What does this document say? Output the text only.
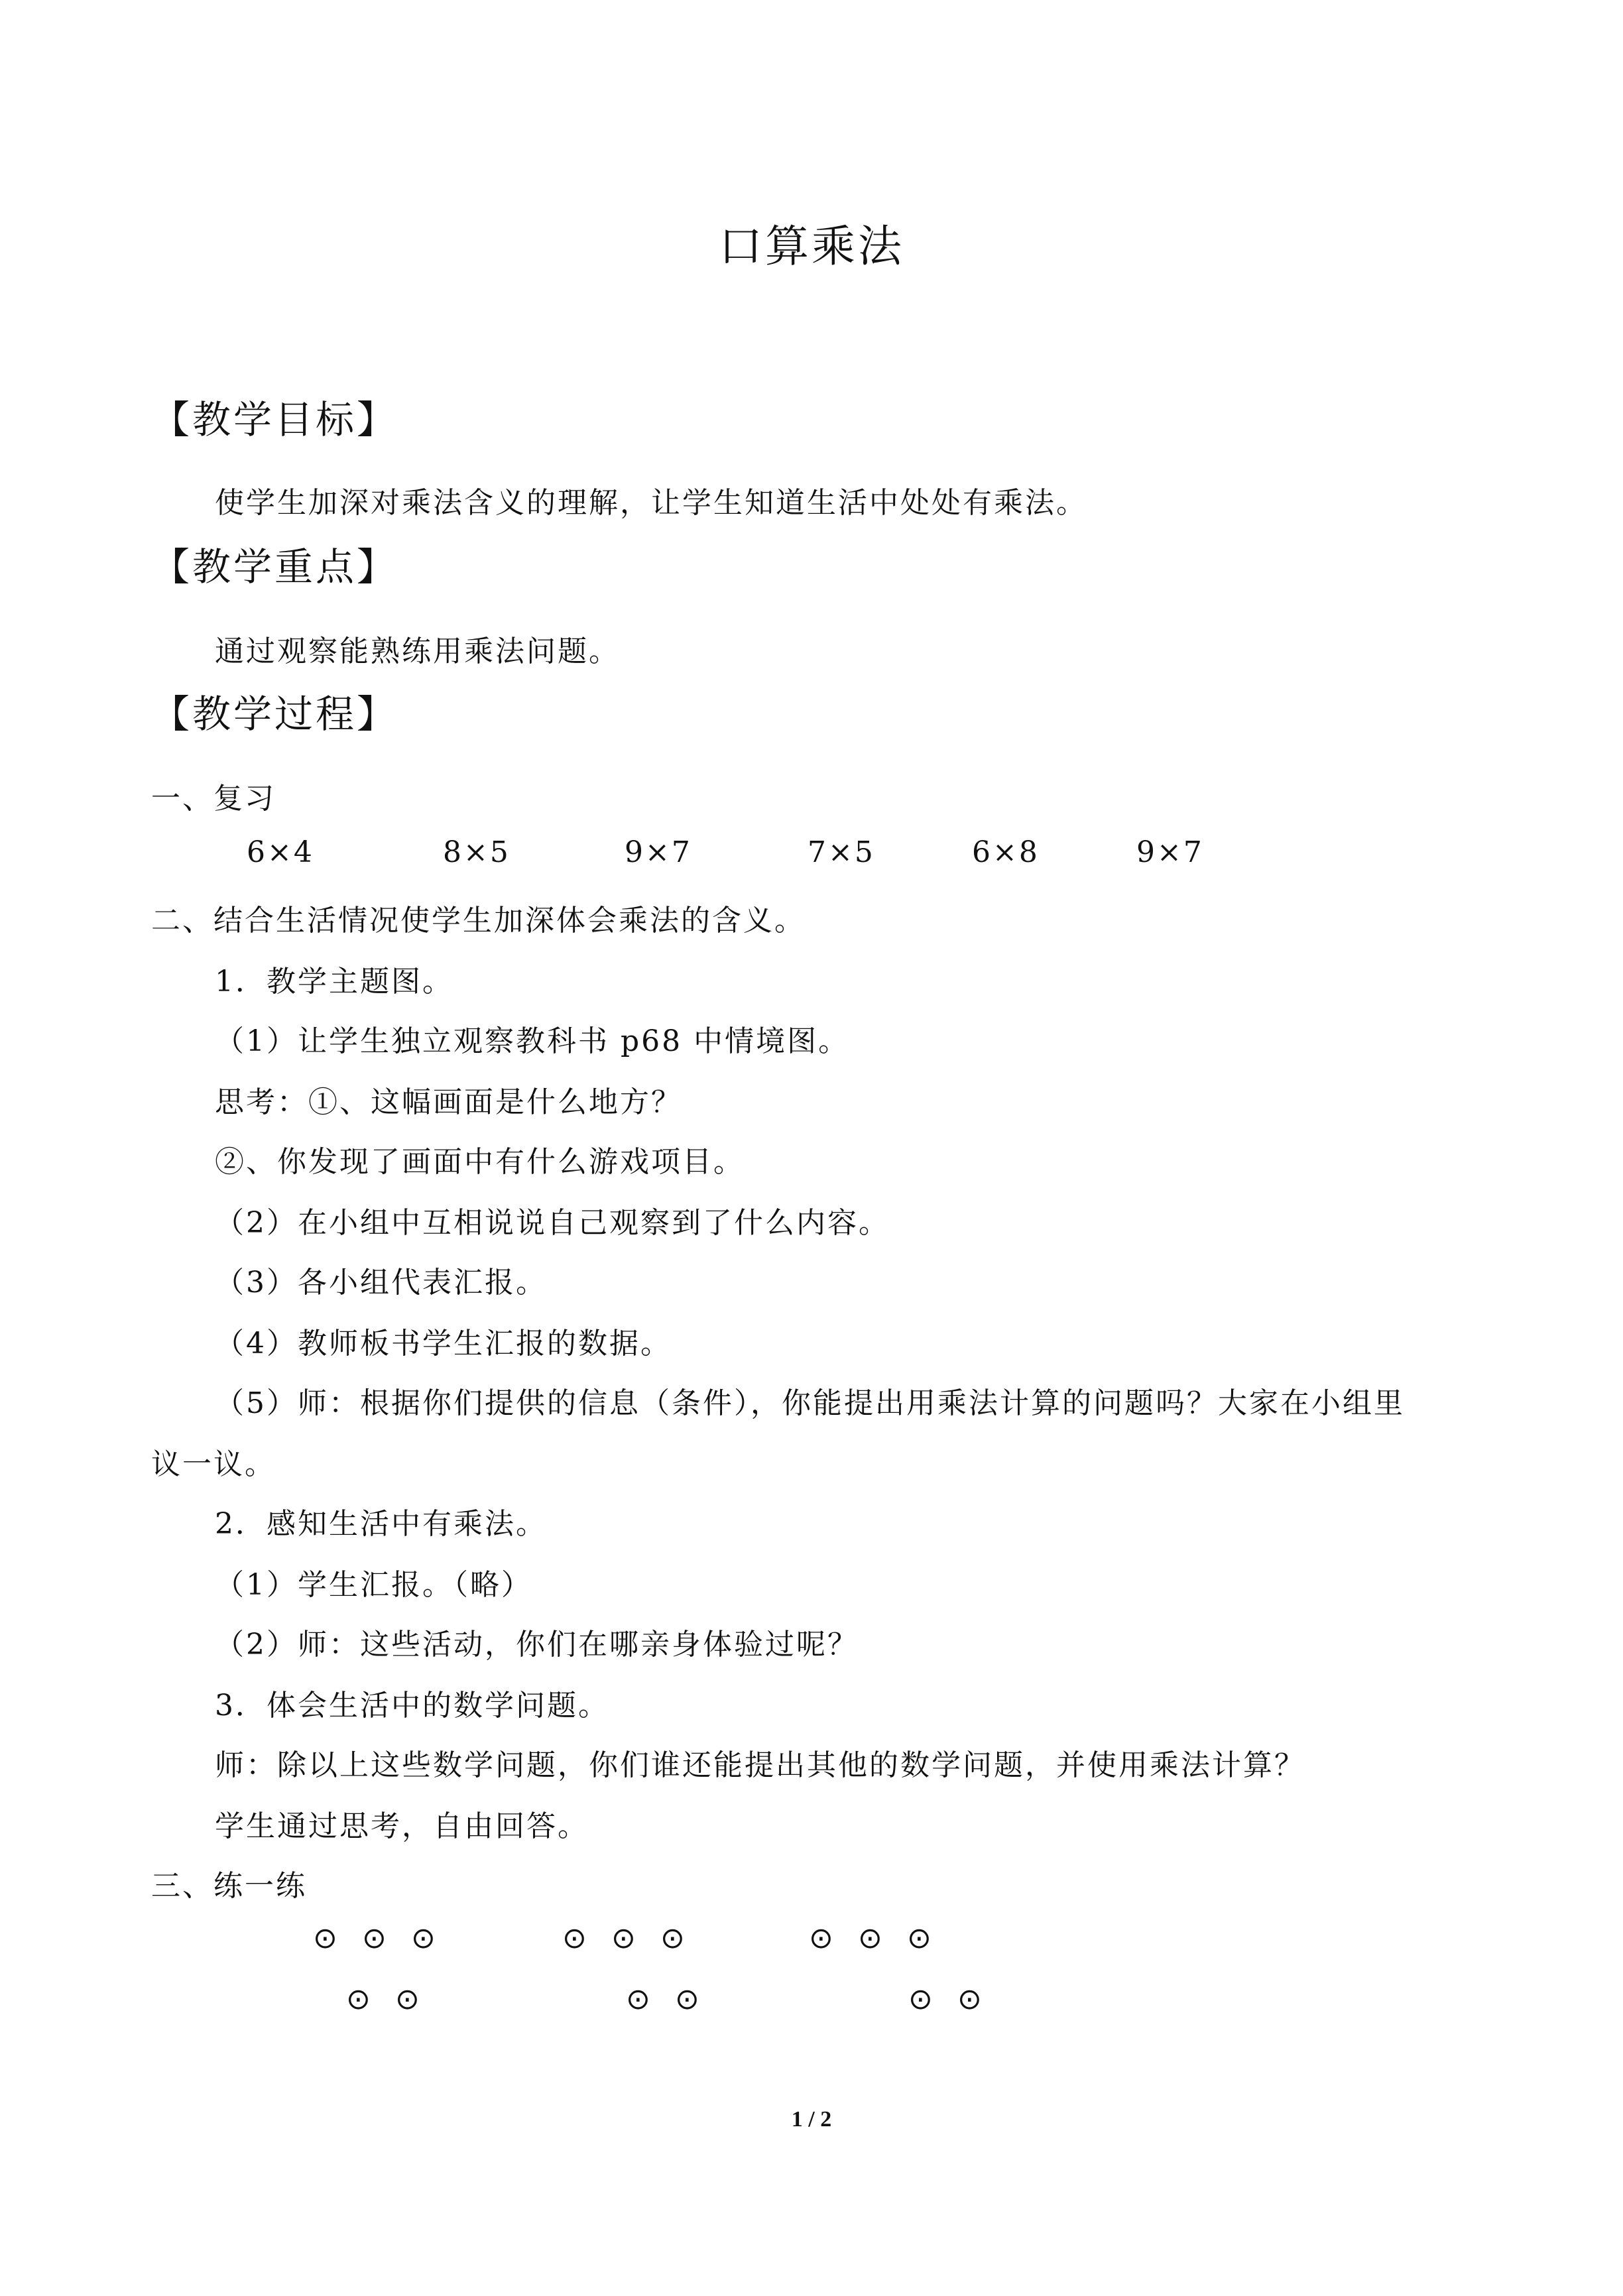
口算乘法
【教学目标】
使学生加深对乘法含义的理解，让学生知道生活中处处有乘法。
【教学重点】
通过观察能熟练用乘法问题。
【教学过程】
一、复习
6×4	8×5	9×7	7×5	6×8	9×7
二、结合生活情况使学生加深体会乘法的含义。
1．教学主题图。
（1）让学生独立观察教科书 p68 中情境图。
思考：①、这幅画面是什么地方？
②、你发现了画面中有什么游戏项目。
（2）在小组中互相说说自己观察到了什么内容。
（3）各小组代表汇报。
（4）教师板书学生汇报的数据。
（5）师：根据你们提供的信息（条件），你能提出用乘法计算的问题吗？大家在小组里
议一议。
2．感知生活中有乘法。
（1）学生汇报。（略）
（2）师：这些活动，你们在哪亲身体验过呢？
3．体会生活中的数学问题。
师：除以上这些数学问题，你们谁还能提出其他的数学问题，并使用乘法计算？
学生通过思考，自由回答。
三、练一练
⊙ ⊙ ⊙
⊙ ⊙
⊙ ⊙ ⊙
⊙ ⊙
⊙ ⊙ ⊙
⊙ ⊙
1 / 2
